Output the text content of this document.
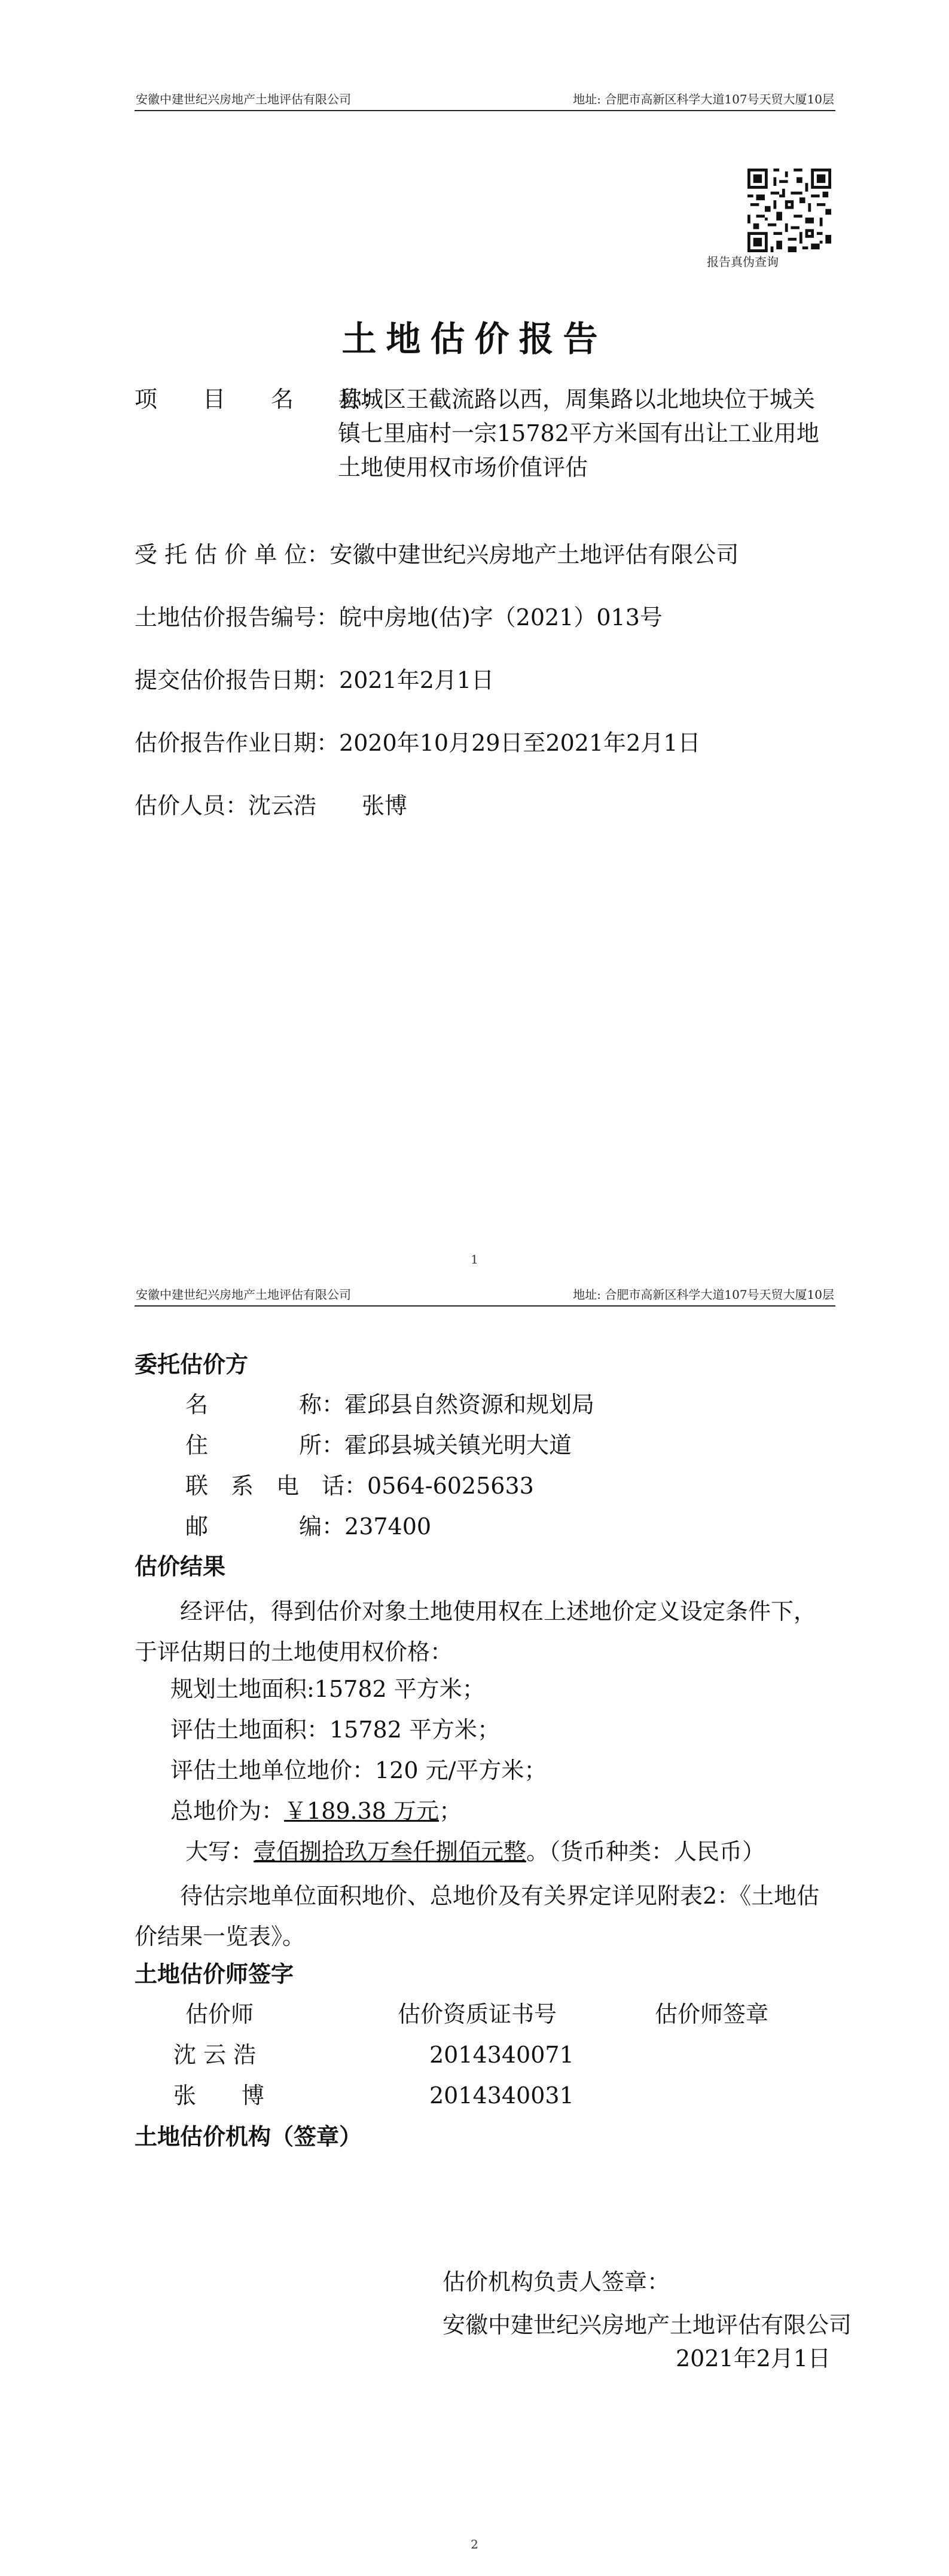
安徽中建世纪兴房地产土地评估有限公司	地址: 合肥市高新区科学大道107号天贸大厦10层
报告真伪查询
土地估价报告
项　　目　　名　　称：
县城区王截流路以西，周集路以北地块位于城关镇七里庙村一宗15782平方米国有出让工业用地土地使用权市场价值评估
受 托 估 价 单 位：安徽中建世纪兴房地产土地评估有限公司
土地估价报告编号：皖中房地(估)字（2021）013号
提交估价报告日期：2021年2月1日
估价报告作业日期：2020年10月29日至2021年2月1日
估价人员：沈云浩　　张博
1
安徽中建世纪兴房地产土地评估有限公司	地址: 合肥市高新区科学大道107号天贸大厦10层
委托估价方
名　　　　称：霍邱县自然资源和规划局
住　　　　所：霍邱县城关镇光明大道
联　系　电　话：0564-6025633
邮　　　　编：237400
估价结果
经评估，得到估价对象土地使用权在上述地价定义设定条件下，于评估期日的土地使用权价格：
规划土地面积:15782 平方米；
评估土地面积：15782 平方米；
评估土地单位地价：120 元/平方米；
总地价为：￥189.38 万元；
大写：壹佰捌拾玖万叁仟捌佰元整。（货币种类：人民币）
待估宗地单位面积地价、总地价及有关界定详见附表2：《土地估价结果一览表》。
土地估价师签字
估价师	估价资质证书号	估价师签章
沈 云 浩	2014340071
张　　博	2014340031
土地估价机构（签章）
估价机构负责人签章：
安徽中建世纪兴房地产土地评估有限公司
2021年2月1日
2
